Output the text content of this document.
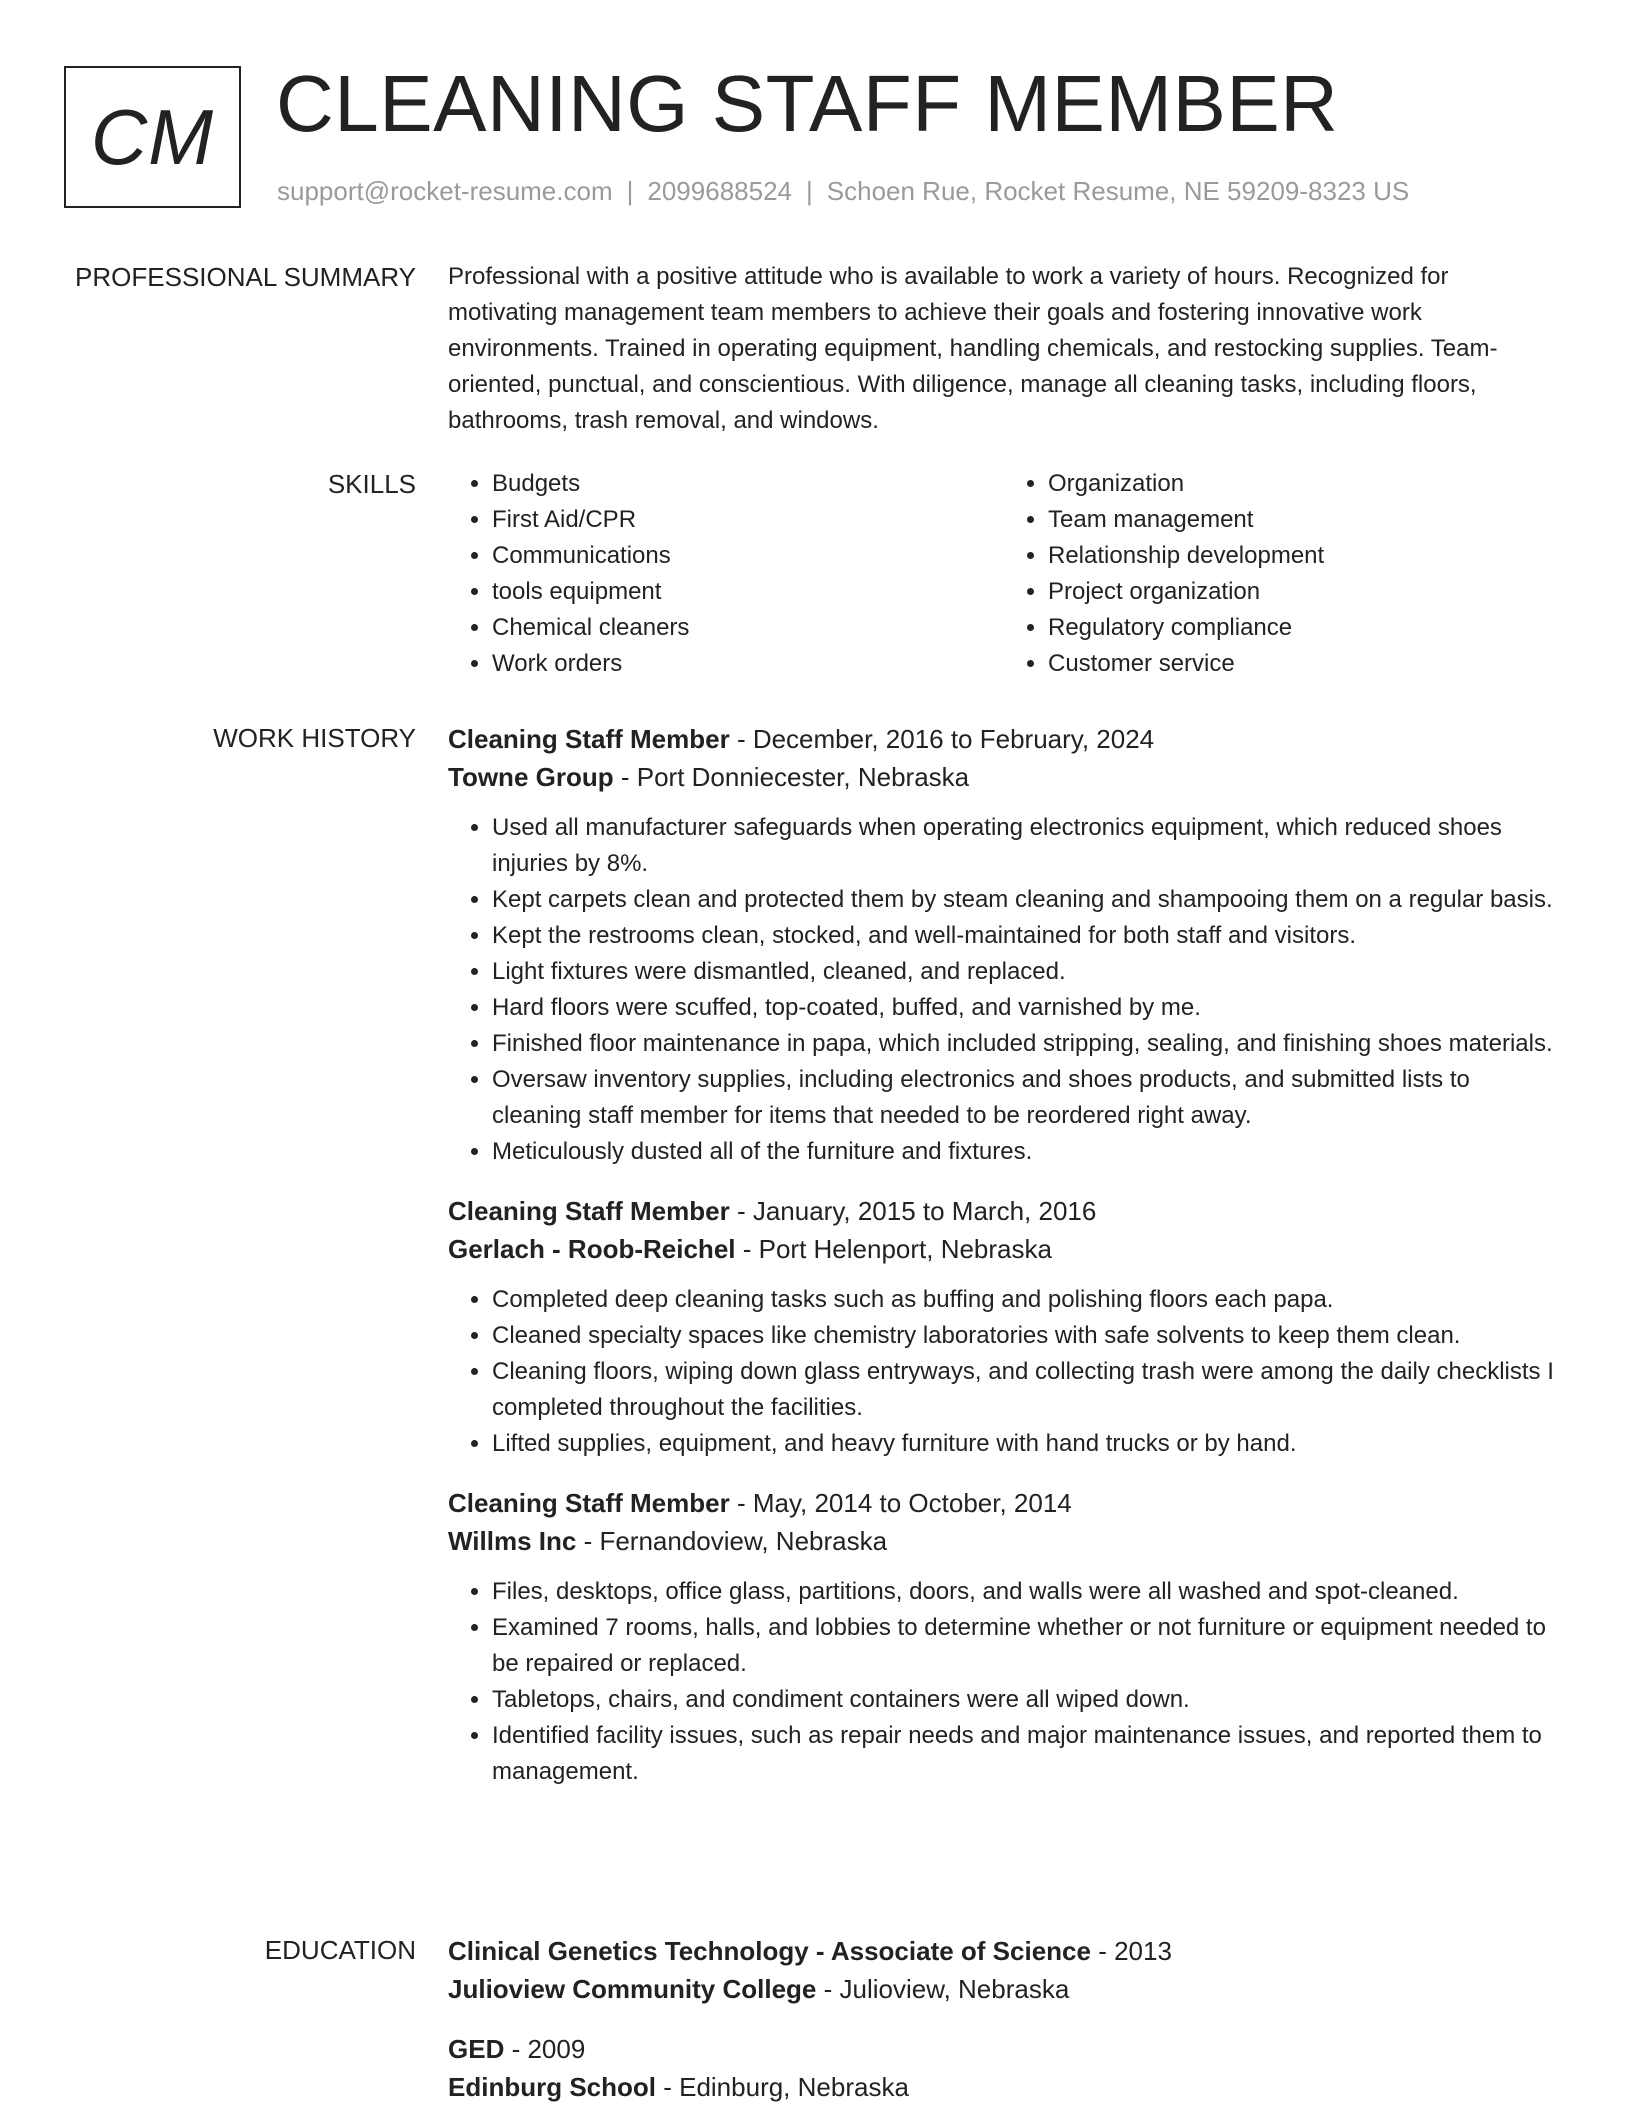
CM CLEANING STAFF MEMBER
support@rocket-resume.com | 2099688524 | Schoen Rue, Rocket Resume, NE 59209-8323 US
PROFESSIONAL SUMMARY Professional with a positive attitude who is available to work a variety of hours. Recognized for motivating management team members to achieve their goals and fostering innovative work environments. Trained in operating equipment, handling chemicals, and restocking supplies. Team-oriented, punctual, and conscientious. With diligence, manage all cleaning tasks, including floors, bathrooms, trash removal, and windows.

SKILLS
•	Budgets
• First Aid/CPR
• Communications
• tools equipment
• Chemical cleaners
• Work orders
• Organization
• Team management
• Relationship development
• Project organization
• Regulatory compliance
• Customer service
WORK HISTORY Cleaning Staff Member - December, 2016 to February, 2024
Towne Group - Port Donniecester, Nebraska
• Used all manufacturer safeguards when operating electronics equipment, which reduced shoes injuries by 8%.
• Kept carpets clean and protected them by steam cleaning and shampooing them on a regular basis.
• Kept the restrooms clean, stocked, and well-maintained for both staff and visitors.
• Light fixtures were dismantled, cleaned, and replaced.
• Hard floors were scuffed, top-coated, buffed, and varnished by me.
• Finished floor maintenance in papa, which included stripping, sealing, and finishing shoes materials.
• Oversaw inventory supplies, including electronics and shoes products, and submitted lists to cleaning staff member for items that needed to be reordered right away.
• Meticulously dusted all of the furniture and fixtures.
Cleaning Staff Member - January, 2015 to March, 2016
Gerlach - Roob-Reichel - Port Helenport, Nebraska
• Completed deep cleaning tasks such as buffing and polishing floors each papa.
• Cleaned specialty spaces like chemistry laboratories with safe solvents to keep them clean.
• Cleaning floors, wiping down glass entryways, and collecting trash were among the daily checklists I completed throughout the facilities.
• Lifted supplies, equipment, and heavy furniture with hand trucks or by hand.
Cleaning Staff Member - May, 2014 to October, 2014
Willms Inc - Fernandoview, Nebraska
• Files, desktops, office glass, partitions, doors, and walls were all washed and spot-cleaned.
• Examined 7 rooms, halls, and lobbies to determine whether or not furniture or equipment needed to be repaired or replaced.
• Tabletops, chairs, and condiment containers were all wiped down.
• Identified facility issues, such as repair needs and major maintenance issues, and reported them to management.
EDUCATION Clinical Genetics Technology - Associate of Science - 2013
Julioview Community College - Julioview, Nebraska
GED - 2009
Edinburg School - Edinburg, Nebraska
